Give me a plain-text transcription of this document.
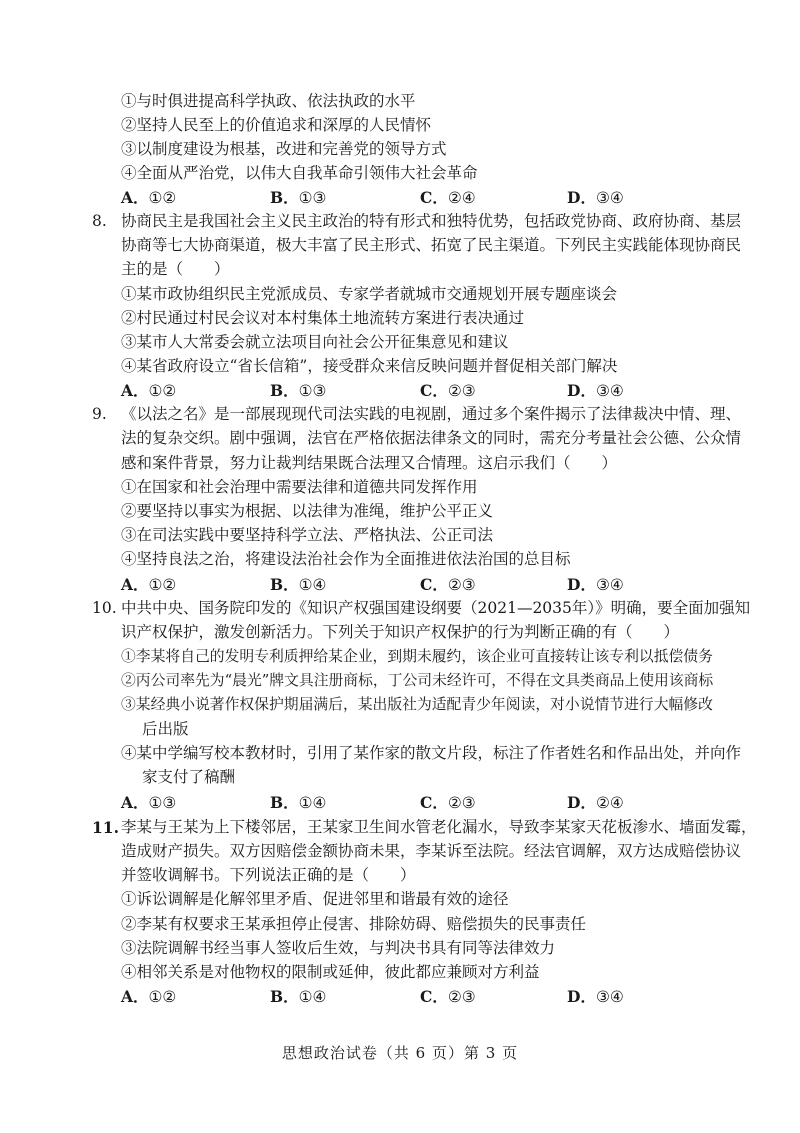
①与时俱进提高科学执政、依法执政的水平
②坚持人民至上的价值追求和深厚的人民情怀
③以制度建设为根基，改进和完善党的领导方式
④全面从严治党，以伟大自我革命引领伟大社会革命
A．①②	B．①③	C．②④	D．③④
8. 协商民主是我国社会主义民主政治的特有形式和独特优势，包括政党协商、政府协商、基层
协商等七大协商渠道，极大丰富了民主形式、拓宽了民主渠道。下列民主实践能体现协商民
主的是（　　）
①某市政协组织民主党派成员、专家学者就城市交通规划开展专题座谈会
②村民通过村民会议对本村集体土地流转方案进行表决通过
③某市人大常委会就立法项目向社会公开征集意见和建议
④某省政府设立“省长信箱”，接受群众来信反映问题并督促相关部门解决
A．①②	B．①③	C．②③	D．③④
9. 《以法之名》是一部展现现代司法实践的电视剧，通过多个案件揭示了法律裁决中情、理、
法的复杂交织。剧中强调，法官在严格依据法律条文的同时，需充分考量社会公德、公众情
感和案件背景，努力让裁判结果既合法理又合情理。这启示我们（　　）
①在国家和社会治理中需要法律和道德共同发挥作用
②要坚持以事实为根据、以法律为准绳，维护公平正义
③在司法实践中要坚持科学立法、严格执法、公正司法
④坚持良法之治，将建设法治社会作为全面推进依法治国的总目标
A．①②	B．①④	C．②③	D．③④
10. 中共中央、国务院印发的《知识产权强国建设纲要（2021—2035年）》明确，要全面加强知
识产权保护，激发创新活力。下列关于知识产权保护的行为判断正确的有（　　）
①李某将自己的发明专利质押给某企业，到期未履约，该企业可直接转让该专利以抵偿债务
②丙公司率先为“晨光”牌文具注册商标，丁公司未经许可，不得在文具类商品上使用该商标
③某经典小说著作权保护期届满后，某出版社为适配青少年阅读，对小说情节进行大幅修改
后出版
④某中学编写校本教材时，引用了某作家的散文片段，标注了作者姓名和作品出处，并向作
家支付了稿酬
A．①③	B．①④	C．②③	D．②④
11. 李某与王某为上下楼邻居，王某家卫生间水管老化漏水，导致李某家天花板渗水、墙面发霉，
造成财产损失。双方因赔偿金额协商未果，李某诉至法院。经法官调解，双方达成赔偿协议
并签收调解书。下列说法正确的是（　　）
①诉讼调解是化解邻里矛盾、促进邻里和谐最有效的途径
②李某有权要求王某承担停止侵害、排除妨碍、赔偿损失的民事责任
③法院调解书经当事人签收后生效，与判决书具有同等法律效力
④相邻关系是对他物权的限制或延伸，彼此都应兼顾对方利益
A．①②	B．①④	C．②③	D．③④
思想政治试卷（共 6 页）第 3 页
